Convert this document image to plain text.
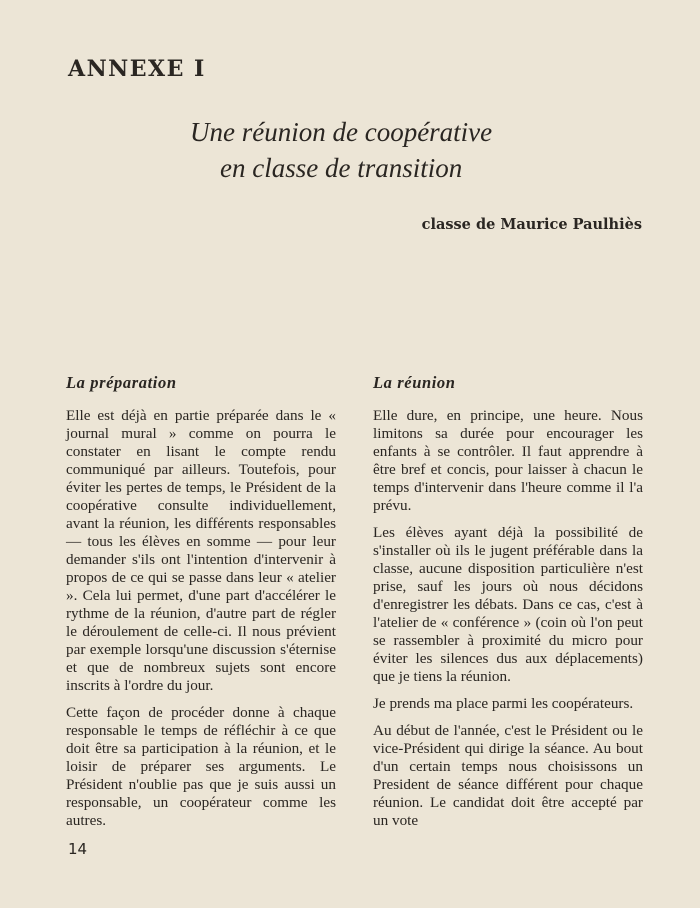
ANNEXE I
Une réunion de coopérative
en classe de transition

classe de Maurice Paulhiès

La préparation

Elle est déjà en partie préparée dans le « journal mural » comme on pourra le constater en lisant le compte rendu communiqué par ailleurs. Toutefois, pour éviter les pertes de temps, le Président de la coopérative consulte individuellement, avant la réunion, les différents responsables — tous les élèves en somme — pour leur demander s'ils ont l'intention d'intervenir à propos de ce qui se passe dans leur « atelier ». Cela lui permet, d'une part d'accélérer le rythme de la réunion, d'autre part de régler le déroulement de celle-ci. Il nous prévient par exemple lorsqu'une discussion s'éternise et que de nombreux sujets sont encore inscrits à l'ordre du jour.

Cette façon de procéder donne à chaque responsable le temps de réfléchir à ce que doit être sa participation à la réunion, et le loisir de préparer ses arguments. Le Président n'oublie pas que je suis aussi un responsable, un coopérateur comme les autres.

La réunion

Elle dure, en principe, une heure. Nous limitons sa durée pour encourager les enfants à se contrôler. Il faut apprendre à être bref et concis, pour laisser à chacun le temps d'intervenir dans l'heure comme il l'a prévu.

Les élèves ayant déjà la possibilité de s'installer où ils le jugent préférable dans la classe, aucune disposition particulière n'est prise, sauf les jours où nous décidons d'enregistrer les débats. Dans ce cas, c'est à l'atelier de « conférence » (coin où l'on peut se rassembler à proximité du micro pour éviter les silences dus aux déplacements) que je tiens la réunion.

Je prends ma place parmi les coopérateurs.

Au début de l'année, c'est le Président ou le vice-Président qui dirige la séance. Au bout d'un certain temps nous choisissons un President de séance différent pour chaque réunion. Le candidat doit être accepté par un vote

14
